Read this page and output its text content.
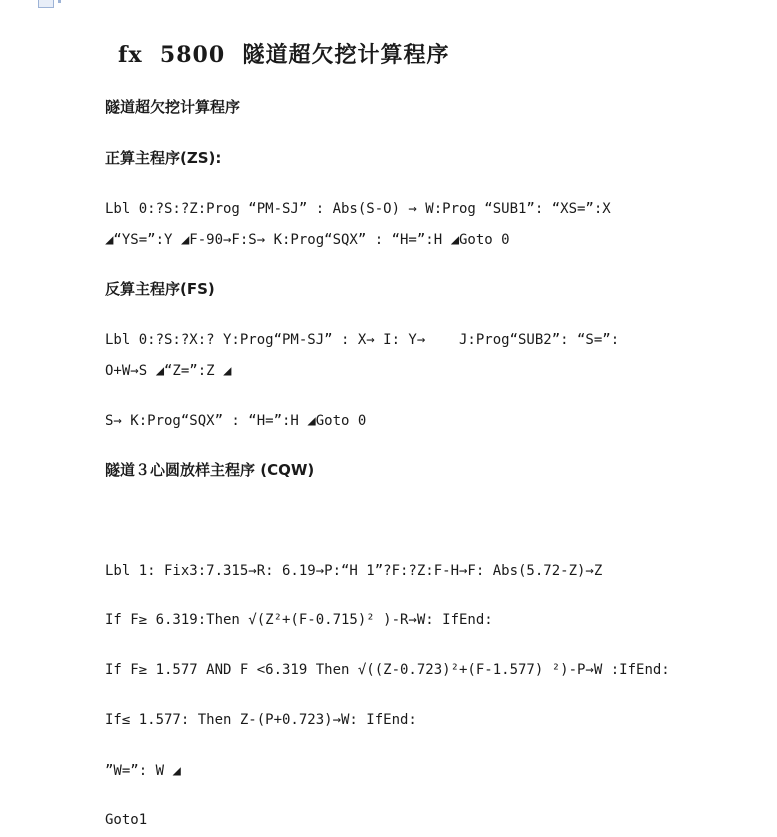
fx  5800  隧道超欠挖计算程序
隧道超欠挖计算程序
正算主程序(ZS):
Lbl 0:?S:?Z:Prog “PM-SJ” : Abs(S-O) → W:Prog “SUB1”: “XS=”:X
◢“YS=”:Y ◢F-90→F:S→ K:Prog“SQX” : “H=”:H ◢Goto 0
反算主程序(FS)
Lbl 0:?S:?X:? Y:Prog“PM-SJ” : X→ I: Y→    J:Prog“SUB2”: “S=”:
O+W→S ◢“Z=”:Z ◢
S→ K:Prog“SQX” : “H=”:H ◢Goto 0
隧道３心圆放样主程序 (CQW)
Lbl 1: Fix3:7.315→R: 6.19→P:“H 1”?F:?Z:F-H→F: Abs(5.72-Z)→Z
If F≥ 6.319:Then √(Z²+(F-0.715)² )-R→W: IfEnd:
If F≥ 1.577 AND F <6.319 Then √((Z-0.723)²+(F-1.577) ²)-P→W :IfEnd:
If≤ 1.577: Then Z-(P+0.723)→W: IfEnd:
”W=”: W ◢
Goto1
